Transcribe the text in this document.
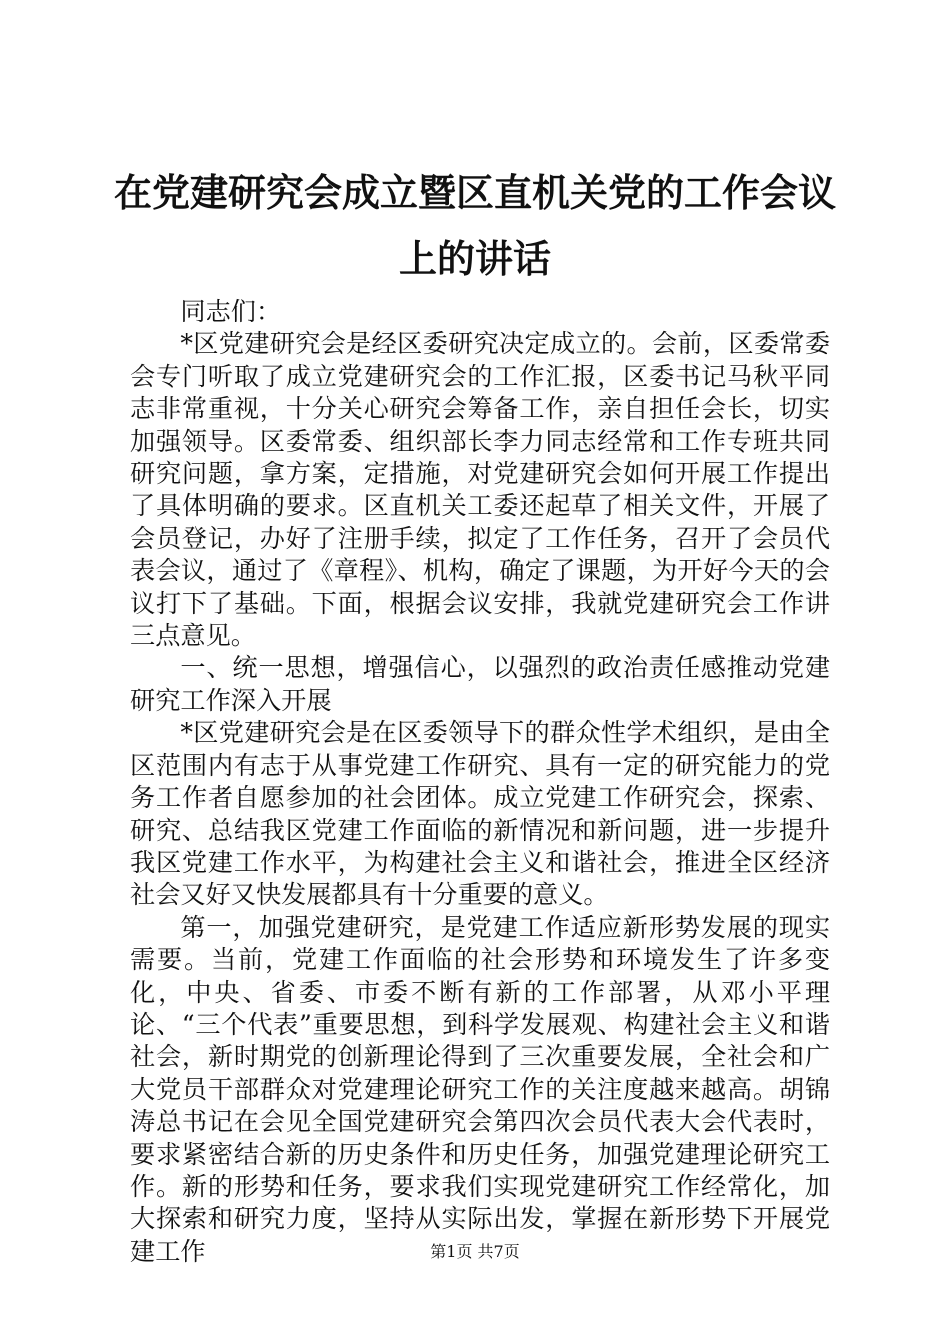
在党建研究会成立暨区直机关党的工作会议上的讲话

同志们：

*区党建研究会是经区委研究决定成立的。会前，区委常委会专门听取了成立党建研究会的工作汇报，区委书记马秋平同志非常重视，十分关心研究会筹备工作，亲自担任会长，切实加强领导。区委常委、组织部长李力同志经常和工作专班共同研究问题，拿方案，定措施，对党建研究会如何开展工作提出了具体明确的要求。区直机关工委还起草了相关文件，开展了会员登记，办好了注册手续，拟定了工作任务，召开了会员代表会议，通过了《章程》、机构，确定了课题，为开好今天的会议打下了基础。下面，根据会议安排，我就党建研究会工作讲三点意见。

一、统一思想，增强信心，以强烈的政治责任感推动党建研究工作深入开展

*区党建研究会是在区委领导下的群众性学术组织，是由全区范围内有志于从事党建工作研究、具有一定的研究能力的党务工作者自愿参加的社会团体。成立党建工作研究会，探索、研究、总结我区党建工作面临的新情况和新问题，进一步提升我区党建工作水平，为构建社会主义和谐社会，推进全区经济社会又好又快发展都具有十分重要的意义。

第一，加强党建研究，是党建工作适应新形势发展的现实需要。当前，党建工作面临的社会形势和环境发生了许多变化，中央、省委、市委不断有新的工作部署，从邓小平理论、“三个代表”重要思想，到科学发展观、构建社会主义和谐社会，新时期党的创新理论得到了三次重要发展，全社会和广大党员干部群众对党建理论研究工作的关注度越来越高。胡锦涛总书记在会见全国党建研究会第四次会员代表大会代表时，要求紧密结合新的历史条件和历史任务，加强党建理论研究工作。新的形势和任务，要求我们实现党建研究工作经常化，加大探索和研究力度，坚持从实际出发，掌握在新形势下开展党建工作	第1页 共7页
